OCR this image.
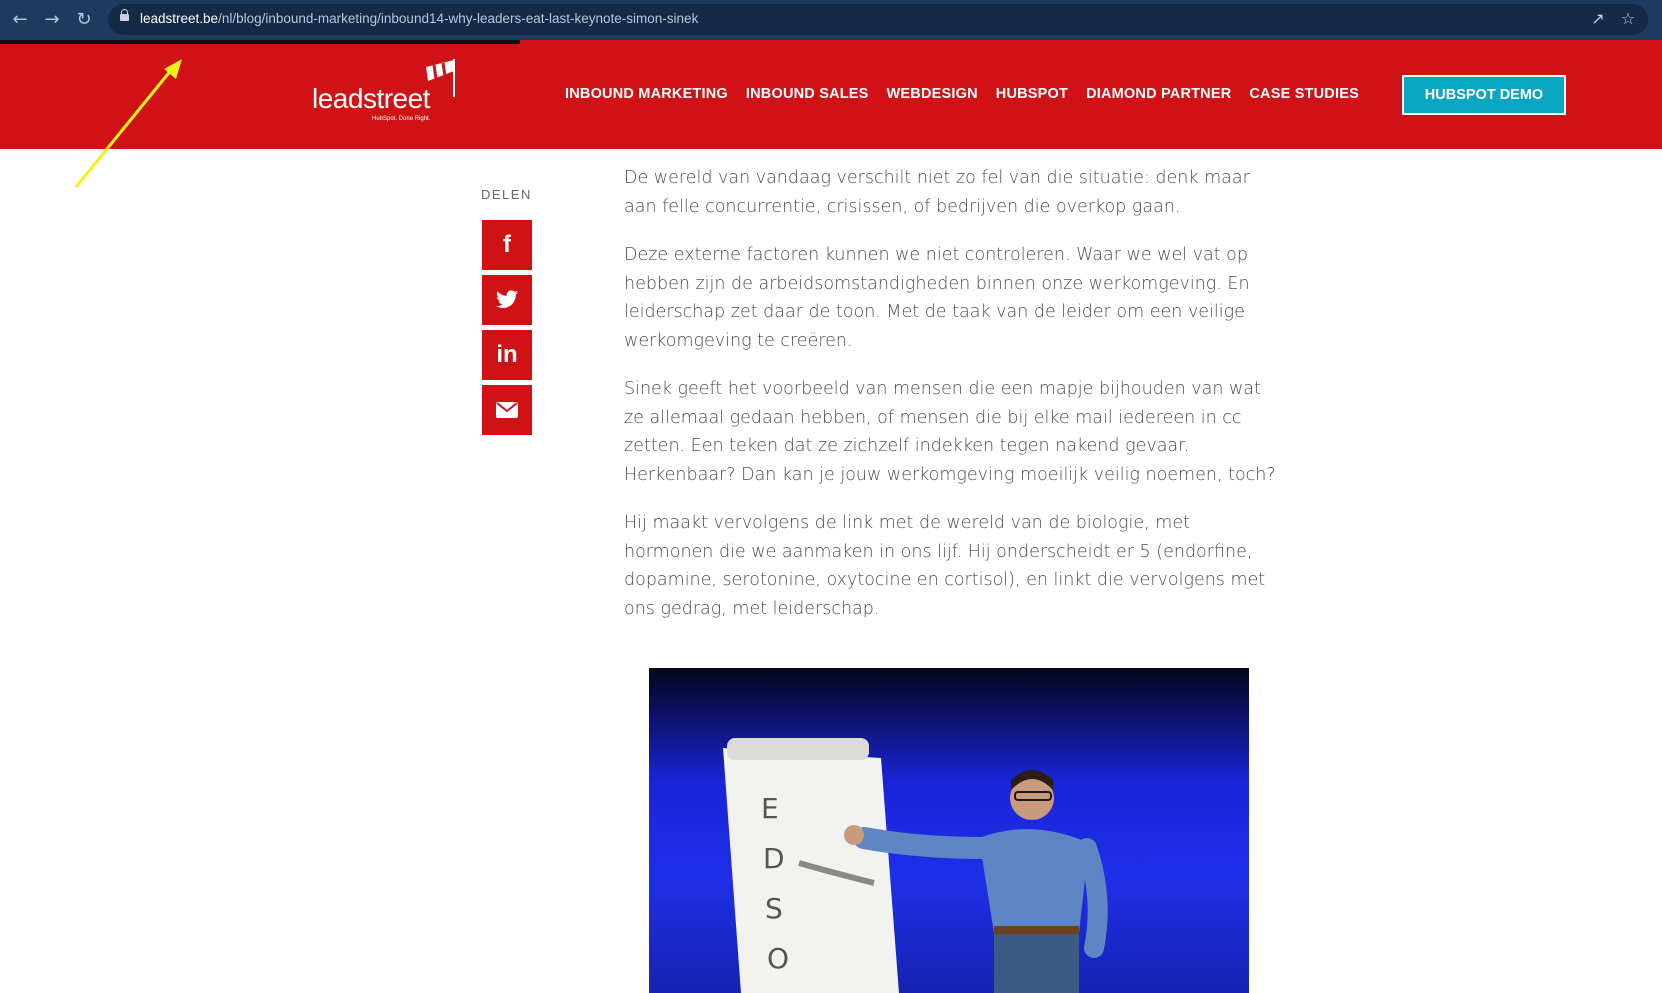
← → ↻	leadstreet.be/nl/blog/inbound-marketing/inbound14-why-leaders-eat-last-keynote-simon-sinek	↗ ☆
leadstreet
HubSpot. Done Right.
INBOUND MARKETING INBOUND SALES WEBDESIGN HUBSPOT DIAMOND PARTNER CASE STUDIES	HUBSPOT DEMO
DELEN
f
in

De wereld van vandaag verschilt niet zo fel van die situatie: denk maar aan felle concurrentie, crisissen, of bedrijven die overkop gaan.

Deze externe factoren kunnen we niet controleren. Waar we wel vat op hebben zijn de arbeidsomstandigheden binnen onze werkomgeving. En leiderschap zet daar de toon. Met de taak van de leider om een veilige werkomgeving te creëren.

Sinek geeft het voorbeeld van mensen die een mapje bijhouden van wat ze allemaal gedaan hebben, of mensen die bij elke mail iedereen in cc zetten. Een teken dat ze zichzelf indekken tegen nakend gevaar. Herkenbaar? Dan kan je jouw werkomgeving moeilijk veilig noemen, toch?

Hij maakt vervolgens de link met de wereld van de biologie, met hormonen die we aanmaken in ons lijf. Hij onderscheidt er 5 (endorfine, dopamine, serotonine, oxytocine en cortisol), en linkt die vervolgens met ons gedrag, met leiderschap.

E
D
S
O
